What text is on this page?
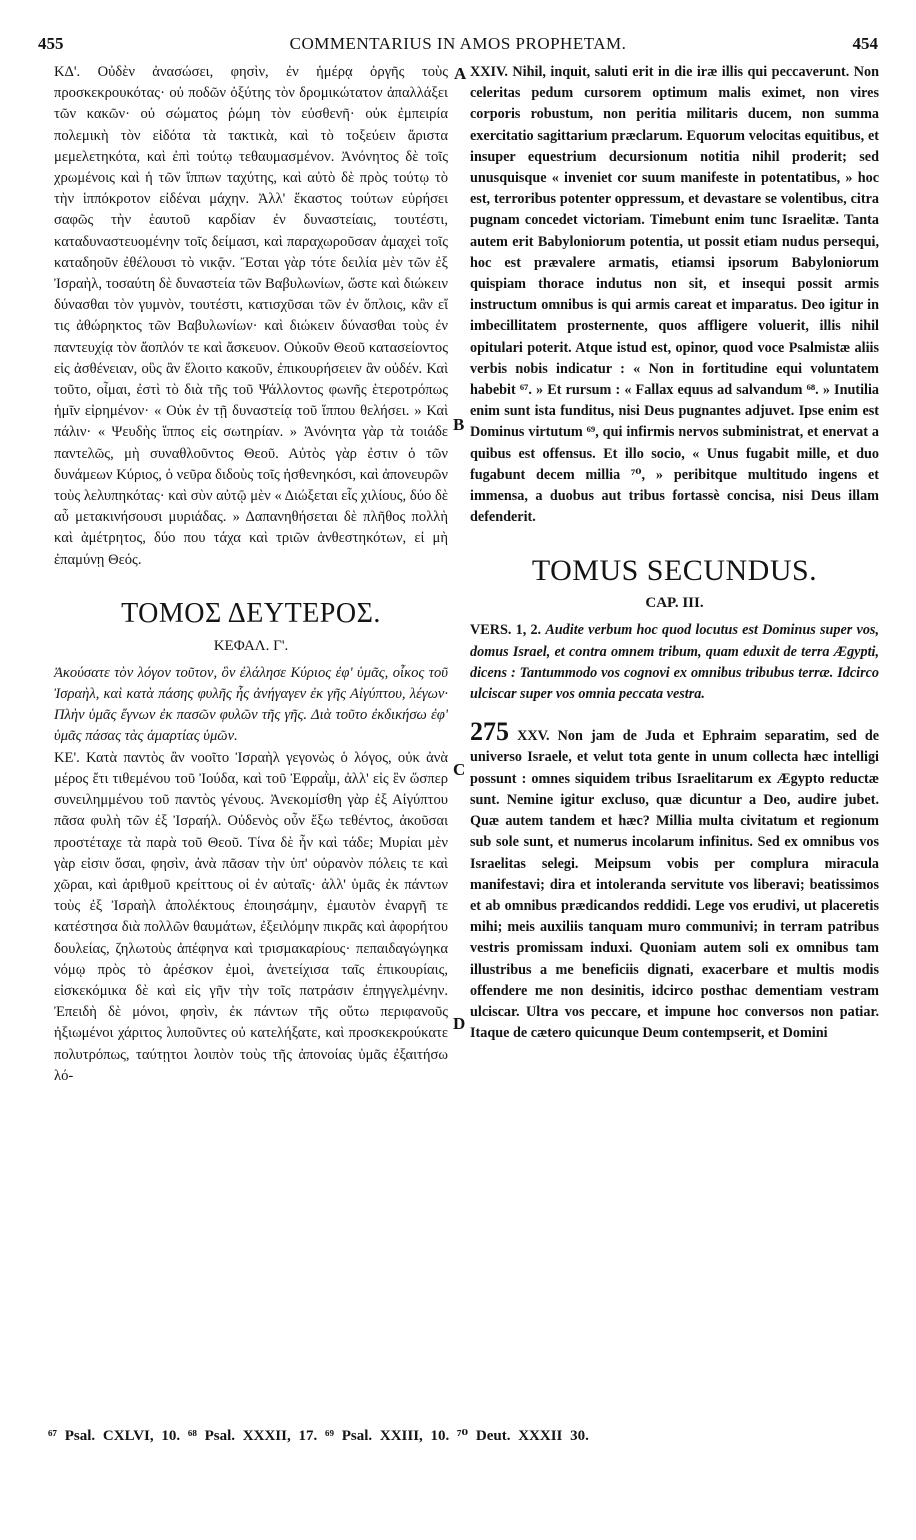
455	COMMENTARIUS IN AMOS PROPHETAM.	454
A
B
C
D

ΚΔ'. Οὐδὲν ἀνασώσει, φησὶν, ἐν ἡμέρᾳ ὀργῆς τοὺς προσκεκρουκότας· οὐ ποδῶν ὀξύτης τὸν δρομικώτατον ἀπαλλάξει τῶν κακῶν· οὐ σώματος ῥώμη τὸν εὐσθενῆ· οὐκ ἐμπειρία πολεμικὴ τὸν εἰδότα τὰ τακτικὰ, καὶ τὸ τοξεύειν ἄριστα μεμελετηκότα, καὶ ἐπὶ τούτῳ τεθαυμασμένον. Ἀνόνητος δὲ τοῖς χρωμένοις καὶ ἡ τῶν ἵππων ταχύτης, καὶ αὐτὸ δὲ πρὸς τούτῳ τὸ τὴν ἱππόκροτον εἰδέναι μάχην. Ἀλλ' ἕκαστος τούτων εὑρήσει σαφῶς τὴν ἑαυτοῦ καρδίαν ἐν δυναστείαις, τουτέστι, καταδυναστευομένην τοῖς δείμασι, καὶ παραχωροῦσαν ἀμαχεὶ τοῖς καταδηοῦν ἐθέλουσι τὸ νικᾷν. Ἔσται γὰρ τότε δειλία μὲν τῶν ἐξ Ἰσραὴλ, τοσαύτη δὲ δυναστεία τῶν Βαβυλωνίων, ὥστε καὶ διώκειν δύνασθαι τὸν γυμνὸν, τουτέστι, κατισχῦσαι τῶν ἐν ὅπλοις, κἂν εἴ τις ἀθώρηκτος τῶν Βαβυλωνίων· καὶ διώκειν δύνασθαι τοὺς ἐν παντευχίᾳ τὸν ἄοπλόν τε καὶ ἄσκευον. Οὐκοῦν Θεοῦ κατασείοντος εἰς ἀσθένειαν, οὓς ἂν ἕλοιτο κακοῦν, ἐπικουρήσειεν ἂν οὐδέν. Καὶ τοῦτο, οἶμαι, ἐστὶ τὸ διὰ τῆς τοῦ Ψάλλοντος φωνῆς ἑτεροτρόπως ἡμῖν εἰρημένον· « Οὐκ ἐν τῇ δυναστείᾳ τοῦ ἵππου θελήσει. » Καὶ πάλιν· « Ψευδὴς ἵππος εἰς σωτηρίαν. » Ἀνόνητα γὰρ τὰ τοιάδε παντελῶς, μὴ συναθλοῦντος Θεοῦ. Αὐτὸς γὰρ ἐστιν ὁ τῶν δυνάμεων Κύριος, ὁ νεῦρα διδοὺς τοῖς ἠσθενηκόσι, καὶ ἀπονευρῶν τοὺς λελυπηκότας· καὶ σὺν αὐτῷ μὲν « Διώξεται εἷς χιλίους, δύο δὲ αὖ μετακινήσουσι μυριάδας. » Δαπανηθήσεται δὲ πλῆθος πολλὴ καὶ ἀμέτρητος, δύο που τάχα καὶ τριῶν ἀνθεστηκότων, εἰ μὴ ἐπαμύνῃ Θεός.

ΤΟΜΟΣ ΔΕΥΤΕΡΟΣ.
ΚΕΦΑΛ. Γ'.

Ἀκούσατε τὸν λόγον τοῦτον, ὃν ἐλάλησε Κύριος ἐφ' ὑμᾶς, οἶκος τοῦ Ἰσραὴλ, καὶ κατὰ πάσης φυλῆς ἧς ἀνήγαγεν ἐκ γῆς Αἰγύπτου, λέγων· Πλὴν ὑμᾶς ἔγνων ἐκ πασῶν φυλῶν τῆς γῆς. Διὰ τοῦτο ἐκδικήσω ἐφ' ὑμᾶς πάσας τὰς ἁμαρτίας ὑμῶν.

ΚΕ'. Κατὰ παντὸς ἂν νοοῖτο Ἰσραὴλ γεγονὼς ὁ λόγος, οὐκ ἀνὰ μέρος ἔτι τιθεμένου τοῦ Ἰούδα, καὶ τοῦ Ἐφραῒμ, ἀλλ' εἰς ἓν ὥσπερ συνειλημμένου τοῦ παντὸς γένους. Ἀνεκομίσθη γὰρ ἐξ Αἰγύπτου πᾶσα φυλὴ τῶν ἐξ Ἰσραήλ. Οὐδενὸς οὖν ἔξω τεθέντος, ἀκοῦσαι προστέταχε τὰ παρὰ τοῦ Θεοῦ. Τίνα δὲ ἦν καὶ τάδε; Μυρίαι μὲν γὰρ εἰσιν ὅσαι, φησὶν, ἀνὰ πᾶσαν τὴν ὑπ' οὐρανὸν πόλεις τε καὶ χῶραι, καὶ ἀριθμοῦ κρείττους οἱ ἐν αὐταῖς· ἀλλ' ὑμᾶς ἐκ πάντων τοὺς ἐξ Ἰσραὴλ ἀπολέκτους ἐποιησάμην, ἐμαυτὸν ἐναργῆ τε κατέστησα διὰ πολλῶν θαυμάτων, ἐξειλόμην πικρᾶς καὶ ἀφορήτου δουλείας, ζηλωτοὺς ἀπέφηνα καὶ τρισμακαρίους· πεπαιδαγώγηκα νόμῳ πρὸς τὸ ἀρέσκον ἐμοὶ, ἀνετείχισα ταῖς ἐπικουρίαις, εἰσκεκόμικα δὲ καὶ εἰς γῆν τὴν τοῖς πατράσιν ἐπηγγελμένην. Ἐπειδὴ δὲ μόνοι, φησὶν, ἐκ πάντων τῆς οὕτω περιφανοῦς ἠξιωμένοι χάριτος λυποῦντες οὐ κατελήξατε, καὶ προσκεκρούκατε πολυτρόπως, ταύτῃτοι λοιπὸν τοὺς τῆς ἀπονοίας ὑμᾶς ἐξαιτήσω λό-

XXIV. Nihil, inquit, saluti erit in die iræ illis qui peccaverunt. Non celeritas pedum cursorem optimum malis eximet, non vires corporis robustum, non peritia militaris ducem, non summa exercitatio sagittarium præclarum. Equorum velocitas equitibus, et insuper equestrium decursionum notitia nihil proderit; sed unusquisque « inveniet cor suum manifeste in potentatibus, » hoc est, terroribus potenter oppressum, et devastare se volentibus, citra pugnam concedet victoriam. Timebunt enim tunc Israelitæ. Tanta autem erit Babyloniorum potentia, ut possit etiam nudus persequi, hoc est prævalere armatis, etiamsi ipsorum Babyloniorum quispiam thorace indutus non sit, et insequi possit armis instructum omnibus is qui armis careat et imparatus. Deo igitur in imbecillitatem prosternente, quos affligere voluerit, illis nihil opitulari poterit. Atque istud est, opinor, quod voce Psalmistæ aliis verbis nobis indicatur : « Non in fortitudine equi voluntatem habebit ⁶⁷. » Et rursum : « Fallax equus ad salvandum ⁶⁸. » Inutilia enim sunt ista funditus, nisi Deus pugnantes adjuvet. Ipse enim est Dominus virtutum ⁶⁹, qui infirmis nervos subministrat, et enervat a quibus est offensus. Et illo socio, « Unus fugabit mille, et duo fugabunt decem millia ⁷⁰, » peribitque multitudo ingens et immensa, a duobus aut tribus fortassè concisa, nisi Deus illam defenderit.

TOMUS SECUNDUS.
CAP. III.

VERS. 1, 2. Audite verbum hoc quod locutus est Dominus super vos, domus Israel, et contra omnem tribum, quam eduxit de terra Ægypti, dicens : Tantummodo vos cognovi ex omnibus tribubus terræ. Idcirco ulciscar super vos omnia peccata vestra.

275 XXV. Non jam de Juda et Ephraim separatim, sed de universo Israele, et velut tota gente in unum collecta hæc intelligi possunt : omnes siquidem tribus Israelitarum ex Ægypto reductæ sunt. Nemine igitur excluso, quæ dicuntur a Deo, audire jubet. Quæ autem tandem et hæc? Millia multa civitatum et regionum sub sole sunt, et numerus incolarum infinitus. Sed ex omnibus vos Israelitas selegi. Meipsum vobis per complura miracula manifestavi; dira et intoleranda servitute vos liberavi; beatissimos et ab omnibus prædicandos reddidi. Lege vos erudivi, ut placeretis mihi; meis auxiliis tanquam muro communivi; in terram patribus vestris promissam induxi. Quoniam autem soli ex omnibus tam illustribus a me beneficiis dignati, exacerbare et multis modis offendere me non desinitis, idcirco posthac dementiam vestram ulciscar. Ultra vos peccare, et impune hoc conversos non patiar. Itaque de cætero quicunque Deum contempserit, et Domini

⁶⁷ Psal. CXLVI, 10. ⁶⁸ Psal. XXXII, 17. ⁶⁹ Psal. XXIII, 10. ⁷⁰ Deut. XXXII 30.
